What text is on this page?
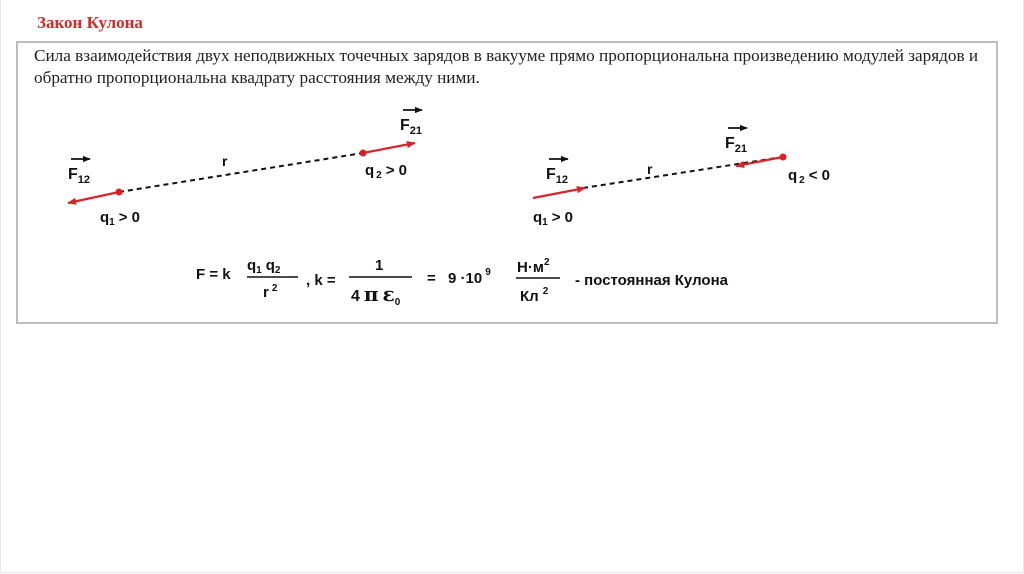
Закон Кулона
Сила взаимодействия двух неподвижных точечных зарядов в вакууме прямо пропорциональна произведению модулей зарядов и обратно пропорциональна квадрату расстояния между ними.
$F_{12}$
$F_{21}$
r
$q_1 > 0$
q $_2$ > 0	$F_{12}$
$F_{21}$
r
$q_1 > 0$
q $_2$ < 0
F = k
$q_1$ $q_2$
r $^2$ , k =
1
4 π $\varepsilon_0$
= 9 ·10 $^9$ $Н\cdot м^2$
Кл $^2$
- постоянная Кулона
